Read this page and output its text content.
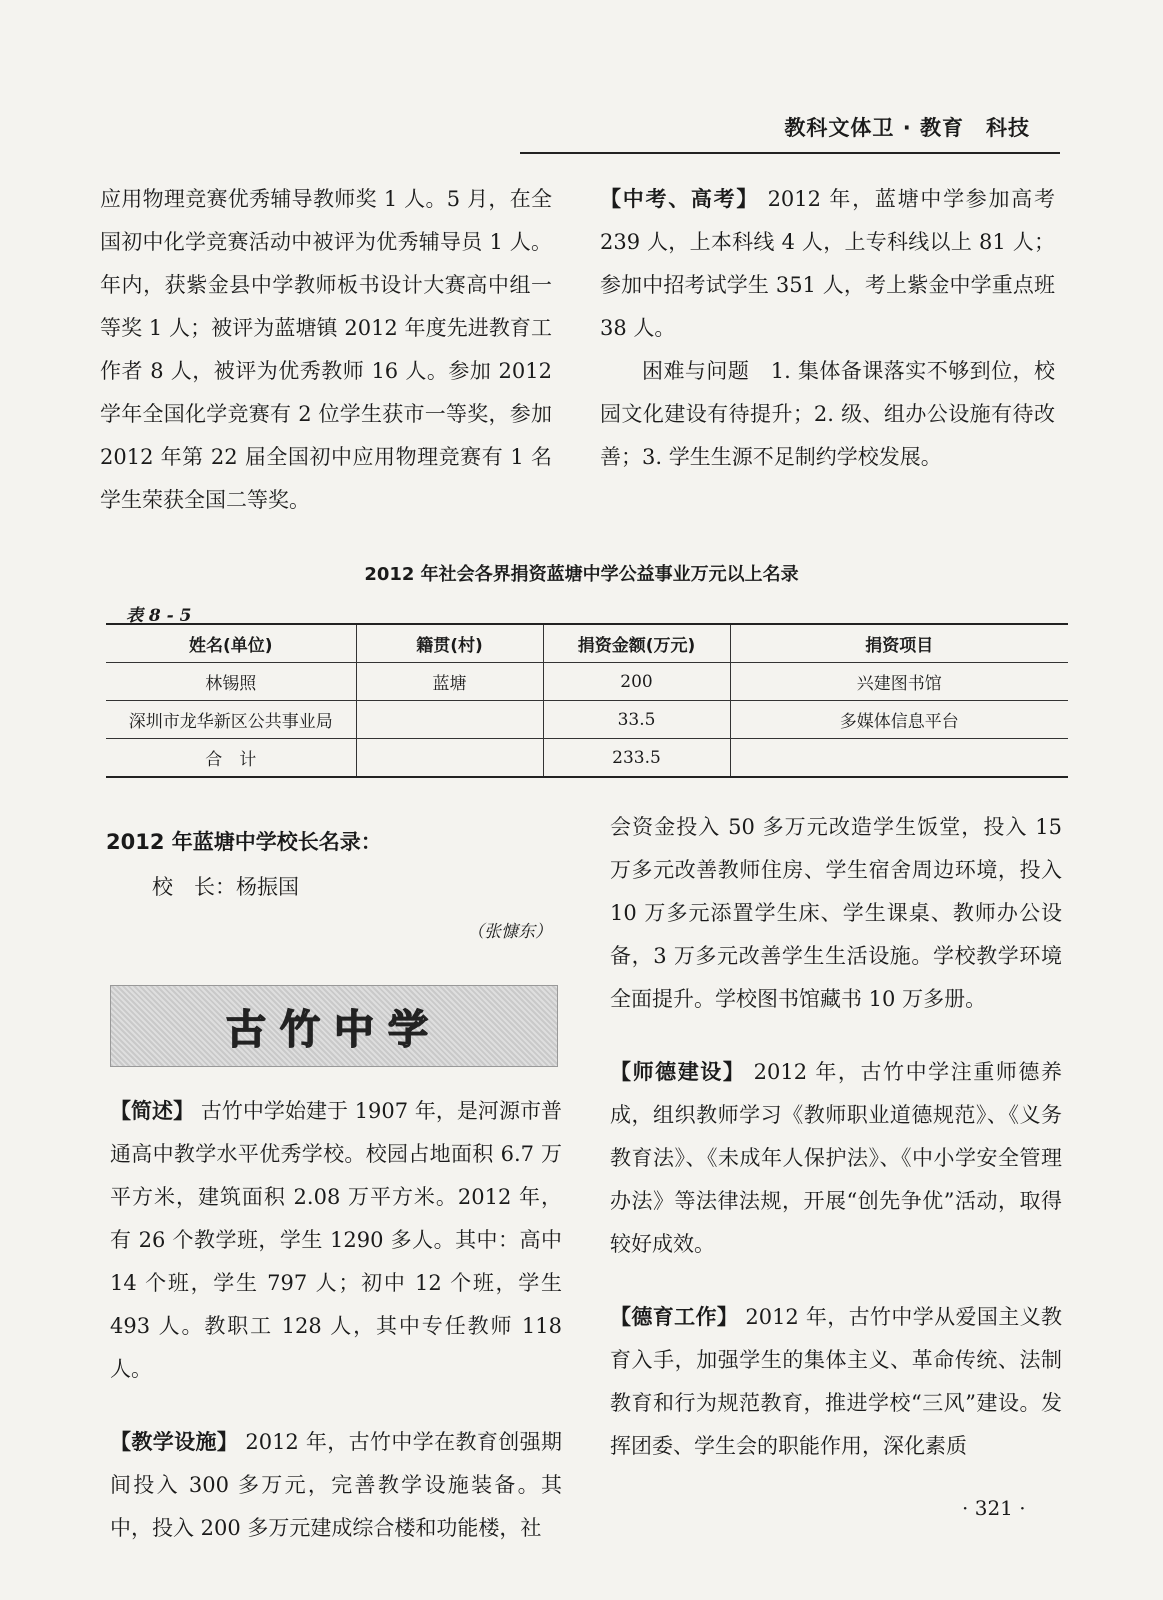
教科文体卫 · 教育　科技

应用物理竞赛优秀辅导教师奖 1 人。5 月，在全国初中化学竞赛活动中被评为优秀辅导员 1 人。年内，获紫金县中学教师板书设计大赛高中组一等奖 1 人；被评为蓝塘镇 2012 年度先进教育工作者 8 人，被评为优秀教师 16 人。参加 2012 学年全国化学竞赛有 2 位学生获市一等奖，参加 2012 年第 22 届全国初中应用物理竞赛有 1 名学生荣获全国二等奖。

【中考、高考】 2012 年，蓝塘中学参加高考 239 人，上本科线 4 人，上专科线以上 81 人；参加中招考试学生 351 人，考上紫金中学重点班 38 人。

困难与问题　 1. 集体备课落实不够到位，校园文化建设有待提升；2. 级、组办公设施有待改善；3. 学生生源不足制约学校发展。

2012 年社会各界捐资蓝塘中学公益事业万元以上名录
表 8 - 5
姓名(单位)	籍贯(村)	捐资金额(万元)	捐资项目
林锡照	蓝塘	200	兴建图书馆
深圳市龙华新区公共事业局		33.5	多媒体信息平台
合　计		233.5	

2012 年蓝塘中学校长名录：

校　长：杨振国

（张慷东）

古竹中学

【简述】 古竹中学始建于 1907 年，是河源市普通高中教学水平优秀学校。校园占地面积 6.7 万平方米，建筑面积 2.08 万平方米。2012 年，有 26 个教学班，学生 1290 多人。其中：高中 14 个班，学生 797 人；初中 12 个班，学生 493 人。教职工 128 人，其中专任教师 118 人。

【教学设施】 2012 年，古竹中学在教育创强期间投入 300 多万元，完善教学设施装备。其中，投入 200 多万元建成综合楼和功能楼，社

会资金投入 50 多万元改造学生饭堂，投入 15 万多元改善教师住房、学生宿舍周边环境，投入 10 万多元添置学生床、学生课桌、教师办公设备，3 万多元改善学生生活设施。学校教学环境全面提升。学校图书馆藏书 10 万多册。

【师德建设】 2012 年，古竹中学注重师德养成，组织教师学习《教师职业道德规范》、《义务教育法》、《未成年人保护法》、《中小学安全管理办法》等法律法规，开展“创先争优”活动，取得较好成效。

【德育工作】 2012 年，古竹中学从爱国主义教育入手，加强学生的集体主义、革命传统、法制教育和行为规范教育，推进学校“三风”建设。发挥团委、学生会的职能作用，深化素质

· 321 ·
